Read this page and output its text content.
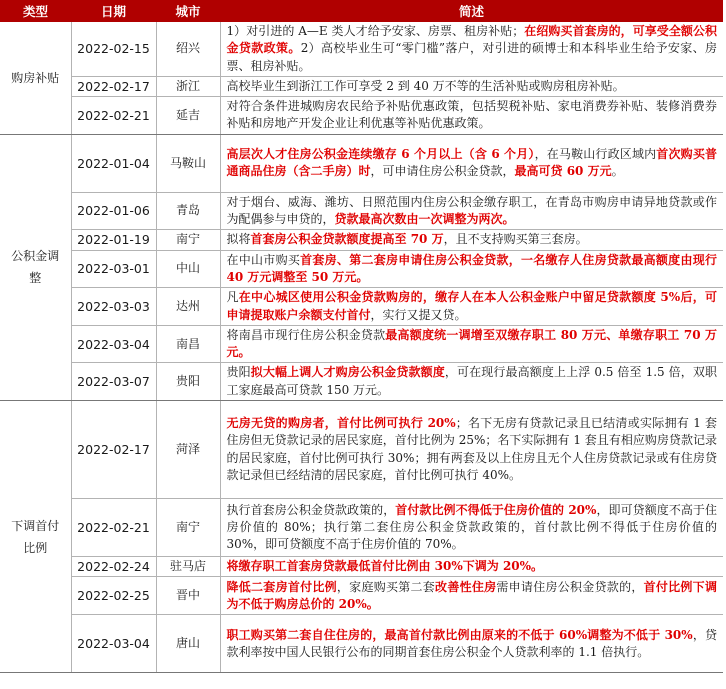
类型	日期	城市	简述
购房补贴	2022-02-15	绍兴	1）对引进的 A—E 类人才给予安家、房票、租房补贴；在绍购买首套房的，可享受全额公积金贷款政策。2）高校毕业生可“零门槛”落户，对引进的硕博士和本科毕业生给予安家、房票、租房补贴。
	2022-02-17	浙江	高校毕业生到浙江工作可享受 2 到 40 万不等的生活补贴或购房租房补贴。
	2022-02-21	延吉	对符合条件进城购房农民给予补贴优惠政策，包括契税补贴、家电消费券补贴、装修消费券补贴和房地产开发企业让利优惠等补贴优惠政策。
公积金调整	2022-01-04	马鞍山	高层次人才住房公积金连续缴存 6 个月以上（含 6 个月），在马鞍山行政区域内首次购买普通商品住房（含二手房）时，可申请住房公积金贷款，最高可贷 60 万元。
	2022-01-06	青岛	对于烟台、威海、潍坊、日照范围内住房公积金缴存职工，在青岛市购房申请异地贷款或作为配偶参与申贷的，贷款最高次数由一次调整为两次。
	2022-01-19	南宁	拟将首套房公积金贷款额度提高至 70 万，且不支持购买第三套房。
	2022-03-01	中山	在中山市购买首套房、第二套房申请住房公积金贷款，一名缴存人住房贷款最高额度由现行 40 万元调整至 50 万元。
	2022-03-03	达州	凡在中心城区使用公积金贷款购房的，缴存人在本人公积金账户中留足贷款额度 5%后，可申请提取账户余额支付首付，实行又提又贷。
	2022-03-04	南昌	将南昌市现行住房公积金贷款最高额度统一调增至双缴存职工 80 万元、单缴存职工 70 万元。
	2022-03-07	贵阳	贵阳拟大幅上调人才购房公积金贷款额度，可在现行最高额度上上浮 0.5 倍至 1.5 倍，双职工家庭最高可贷款 150 万元。
下调首付比例	2022-02-17	菏泽	无房无贷的购房者，首付比例可执行 20%；名下无房有贷款记录且已结清或实际拥有 1 套住房但无贷款记录的居民家庭，首付比例为 25%；名下实际拥有 1 套且有相应购房贷款记录的居民家庭，首付比例可执行 30%；拥有两套及以上住房且无个人住房贷款记录或有住房贷款记录但已经结清的居民家庭，首付比例可执行 40%。
	2022-02-21	南宁	执行首套房公积金贷款政策的，首付款比例不得低于住房价值的 20%，即可贷额度不高于住房价值的 80%；执行第二套住房公积金贷款政策的，首付款比例不得低于住房价值的 30%，即可贷额度不高于住房价值的 70%。
	2022-02-24	驻马店	将缴存职工首套房贷款最低首付比例由 30%下调为 20%。
	2022-02-25	晋中	降低二套房首付比例，家庭购买第二套改善性住房需申请住房公积金贷款的，首付比例下调为不低于购房总价的 20%。
	2022-03-04	唐山	职工购买第二套自住住房的，最高首付款比例由原来的不低于 60%调整为不低于 30%，贷款利率按中国人民银行公布的同期首套住房公积金个人贷款利率的 1.1 倍执行。
